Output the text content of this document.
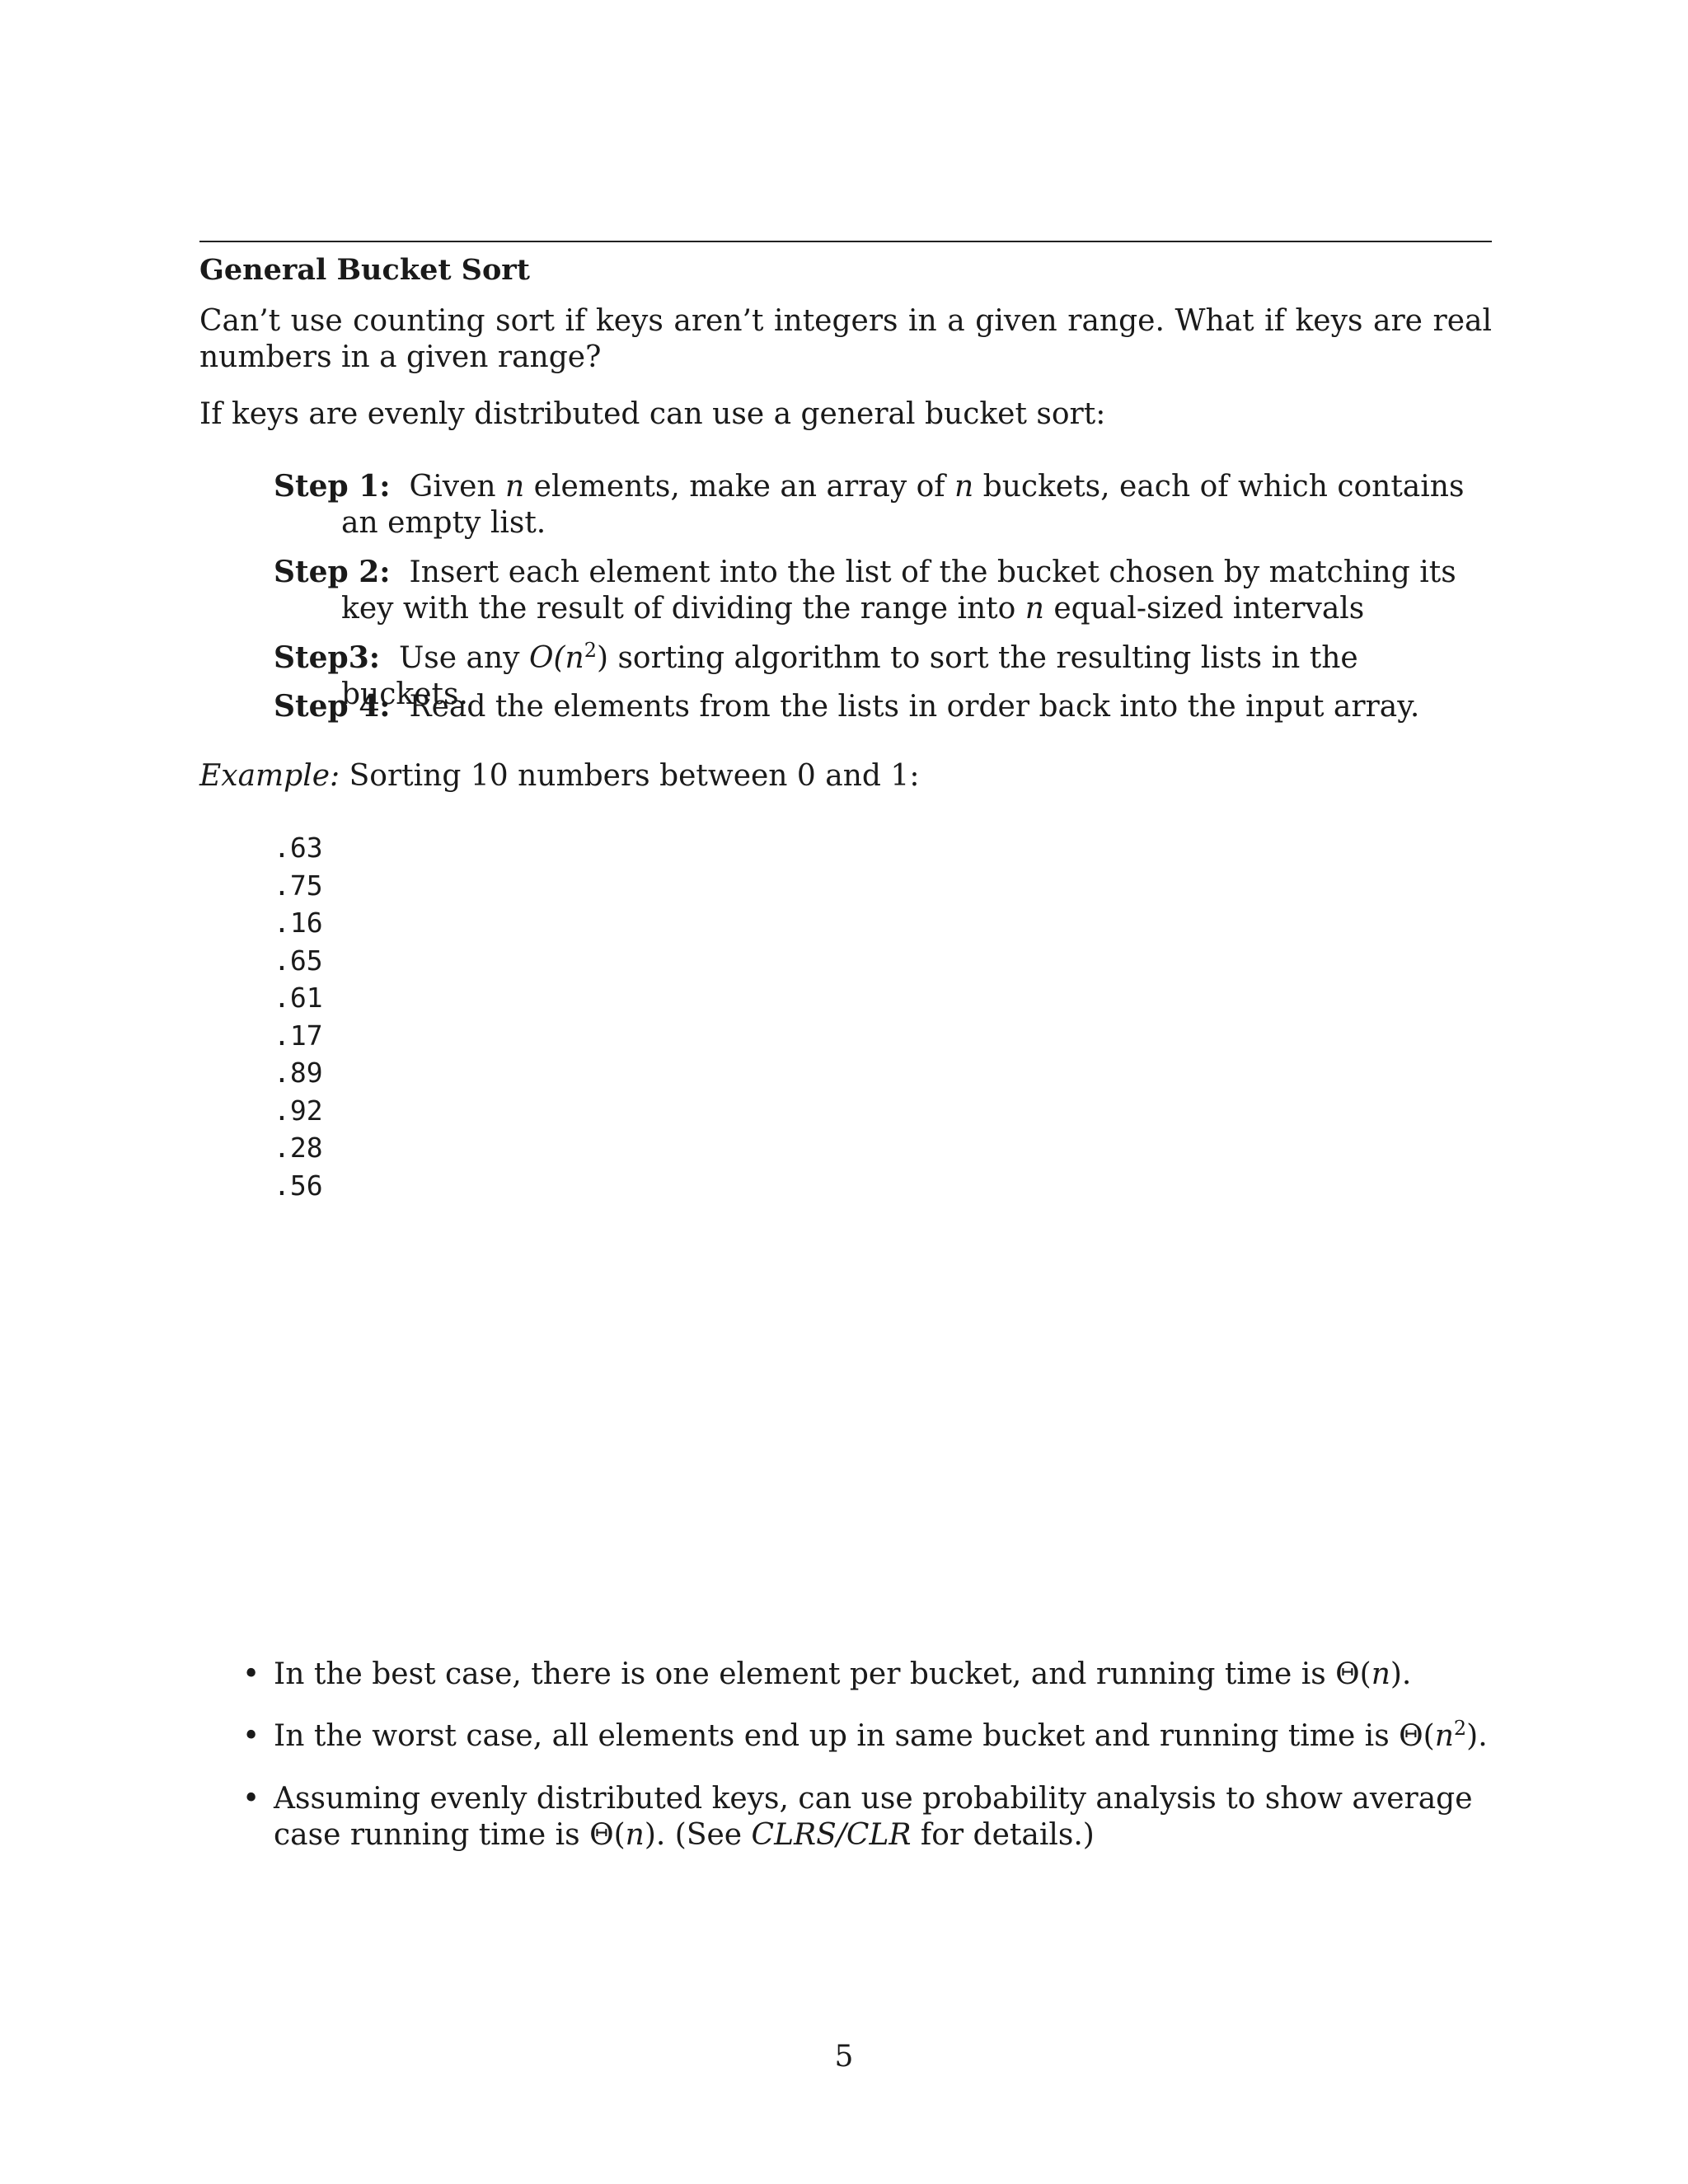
General Bucket Sort
Can’t use counting sort if keys aren’t integers in a given range. What if keys are real numbers in a given range?
If keys are evenly distributed can use a general bucket sort:
Step 1: Given n elements, make an array of n buckets, each of which contains an empty list.
Step 2: Insert each element into the list of the bucket chosen by matching its key with the result of dividing the range into n equal-sized intervals
Step3: Use any $O(n^2)$ sorting algorithm to sort the resulting lists in the buckets.
Step 4: Read the elements from the lists in order back into the input array.
Example: Sorting 10 numbers between 0 and 1:
.63
.75
.16
.65
.61
.17
.89
.92
.28
.56
• In the best case, there is one element per bucket, and running time is Θ(n).
• In the worst case, all elements end up in same bucket and running time is $\Theta(n^2)$.
• Assuming evenly distributed keys, can use probability analysis to show average case running time is Θ(n). (See CLRS/CLR for details.)
5
